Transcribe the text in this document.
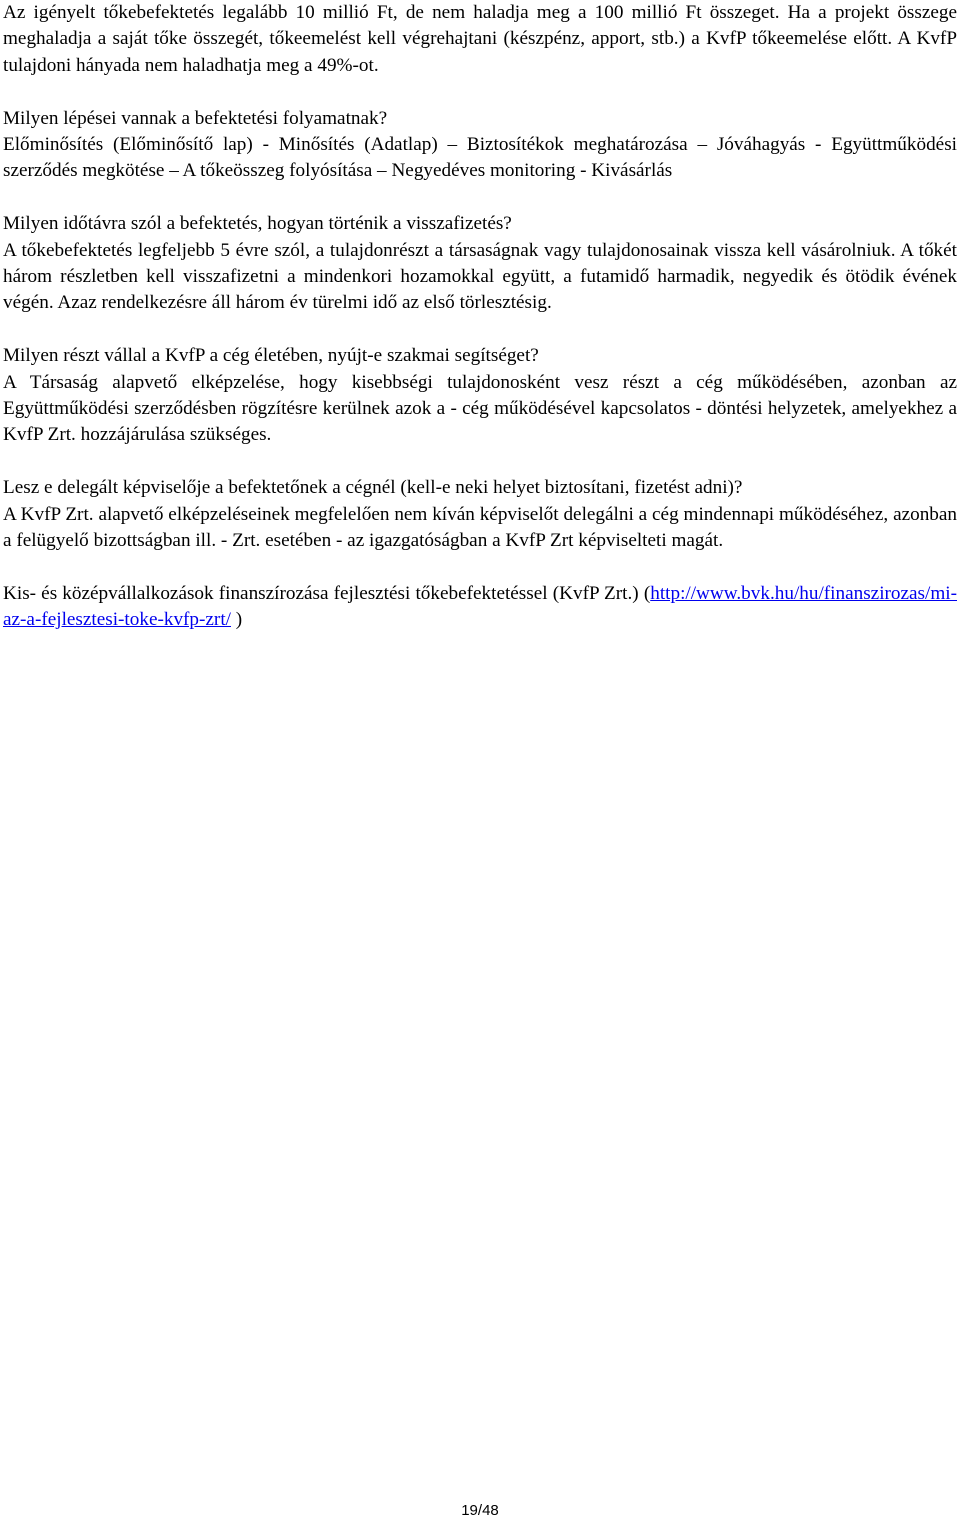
Az igényelt tőkebefektetés legalább 10 millió Ft, de nem haladja meg a 100 millió Ft összeget. Ha a projekt összege meghaladja a saját tőke összegét, tőkeemelést kell végrehajtani (készpénz, apport, stb.) a KvfP tőkeemelése előtt. A KvfP tulajdoni hányada nem haladhatja meg a 49%-ot.

Milyen lépései vannak a befektetési folyamatnak?

Előminősítés (Előminősítő lap) - Minősítés (Adatlap) – Biztosítékok meghatározása – Jóváhagyás - Együttműködési szerződés megkötése – A tőkeösszeg folyósítása – Negyedéves monitoring - Kivásárlás

Milyen időtávra szól a befektetés, hogyan történik a visszafizetés?

A tőkebefektetés legfeljebb 5 évre szól, a tulajdonrészt a társaságnak vagy tulajdonosainak vissza kell vásárolniuk. A tőkét három részletben kell visszafizetni a mindenkori hozamokkal együtt, a futamidő harmadik, negyedik és ötödik évének végén. Azaz rendelkezésre áll három év türelmi idő az első törlesztésig.

Milyen részt vállal a KvfP a cég életében, nyújt-e szakmai segítséget?

A Társaság alapvető elképzelése, hogy kisebbségi tulajdonosként vesz részt a cég működésében, azonban az Együttműködési szerződésben rögzítésre kerülnek azok a - cég működésével kapcsolatos - döntési helyzetek, amelyekhez a KvfP Zrt. hozzájárulása szükséges.

Lesz e delegált képviselője a befektetőnek a cégnél (kell-e neki helyet biztosítani, fizetést adni)?

A KvfP Zrt. alapvető elképzeléseinek megfelelően nem kíván képviselőt delegálni a cég mindennapi működéséhez, azonban a felügyelő bizottságban ill. - Zrt. esetében - az igazgatóságban a KvfP Zrt képviselteti magát.

Kis- és középvállalkozások finanszírozása fejlesztési tőkebefektetéssel (KvfP Zrt.) (http://www.bvk.hu/hu/finanszirozas/mi-az-a-fejlesztesi-toke-kvfp-zrt/ )

19/48
